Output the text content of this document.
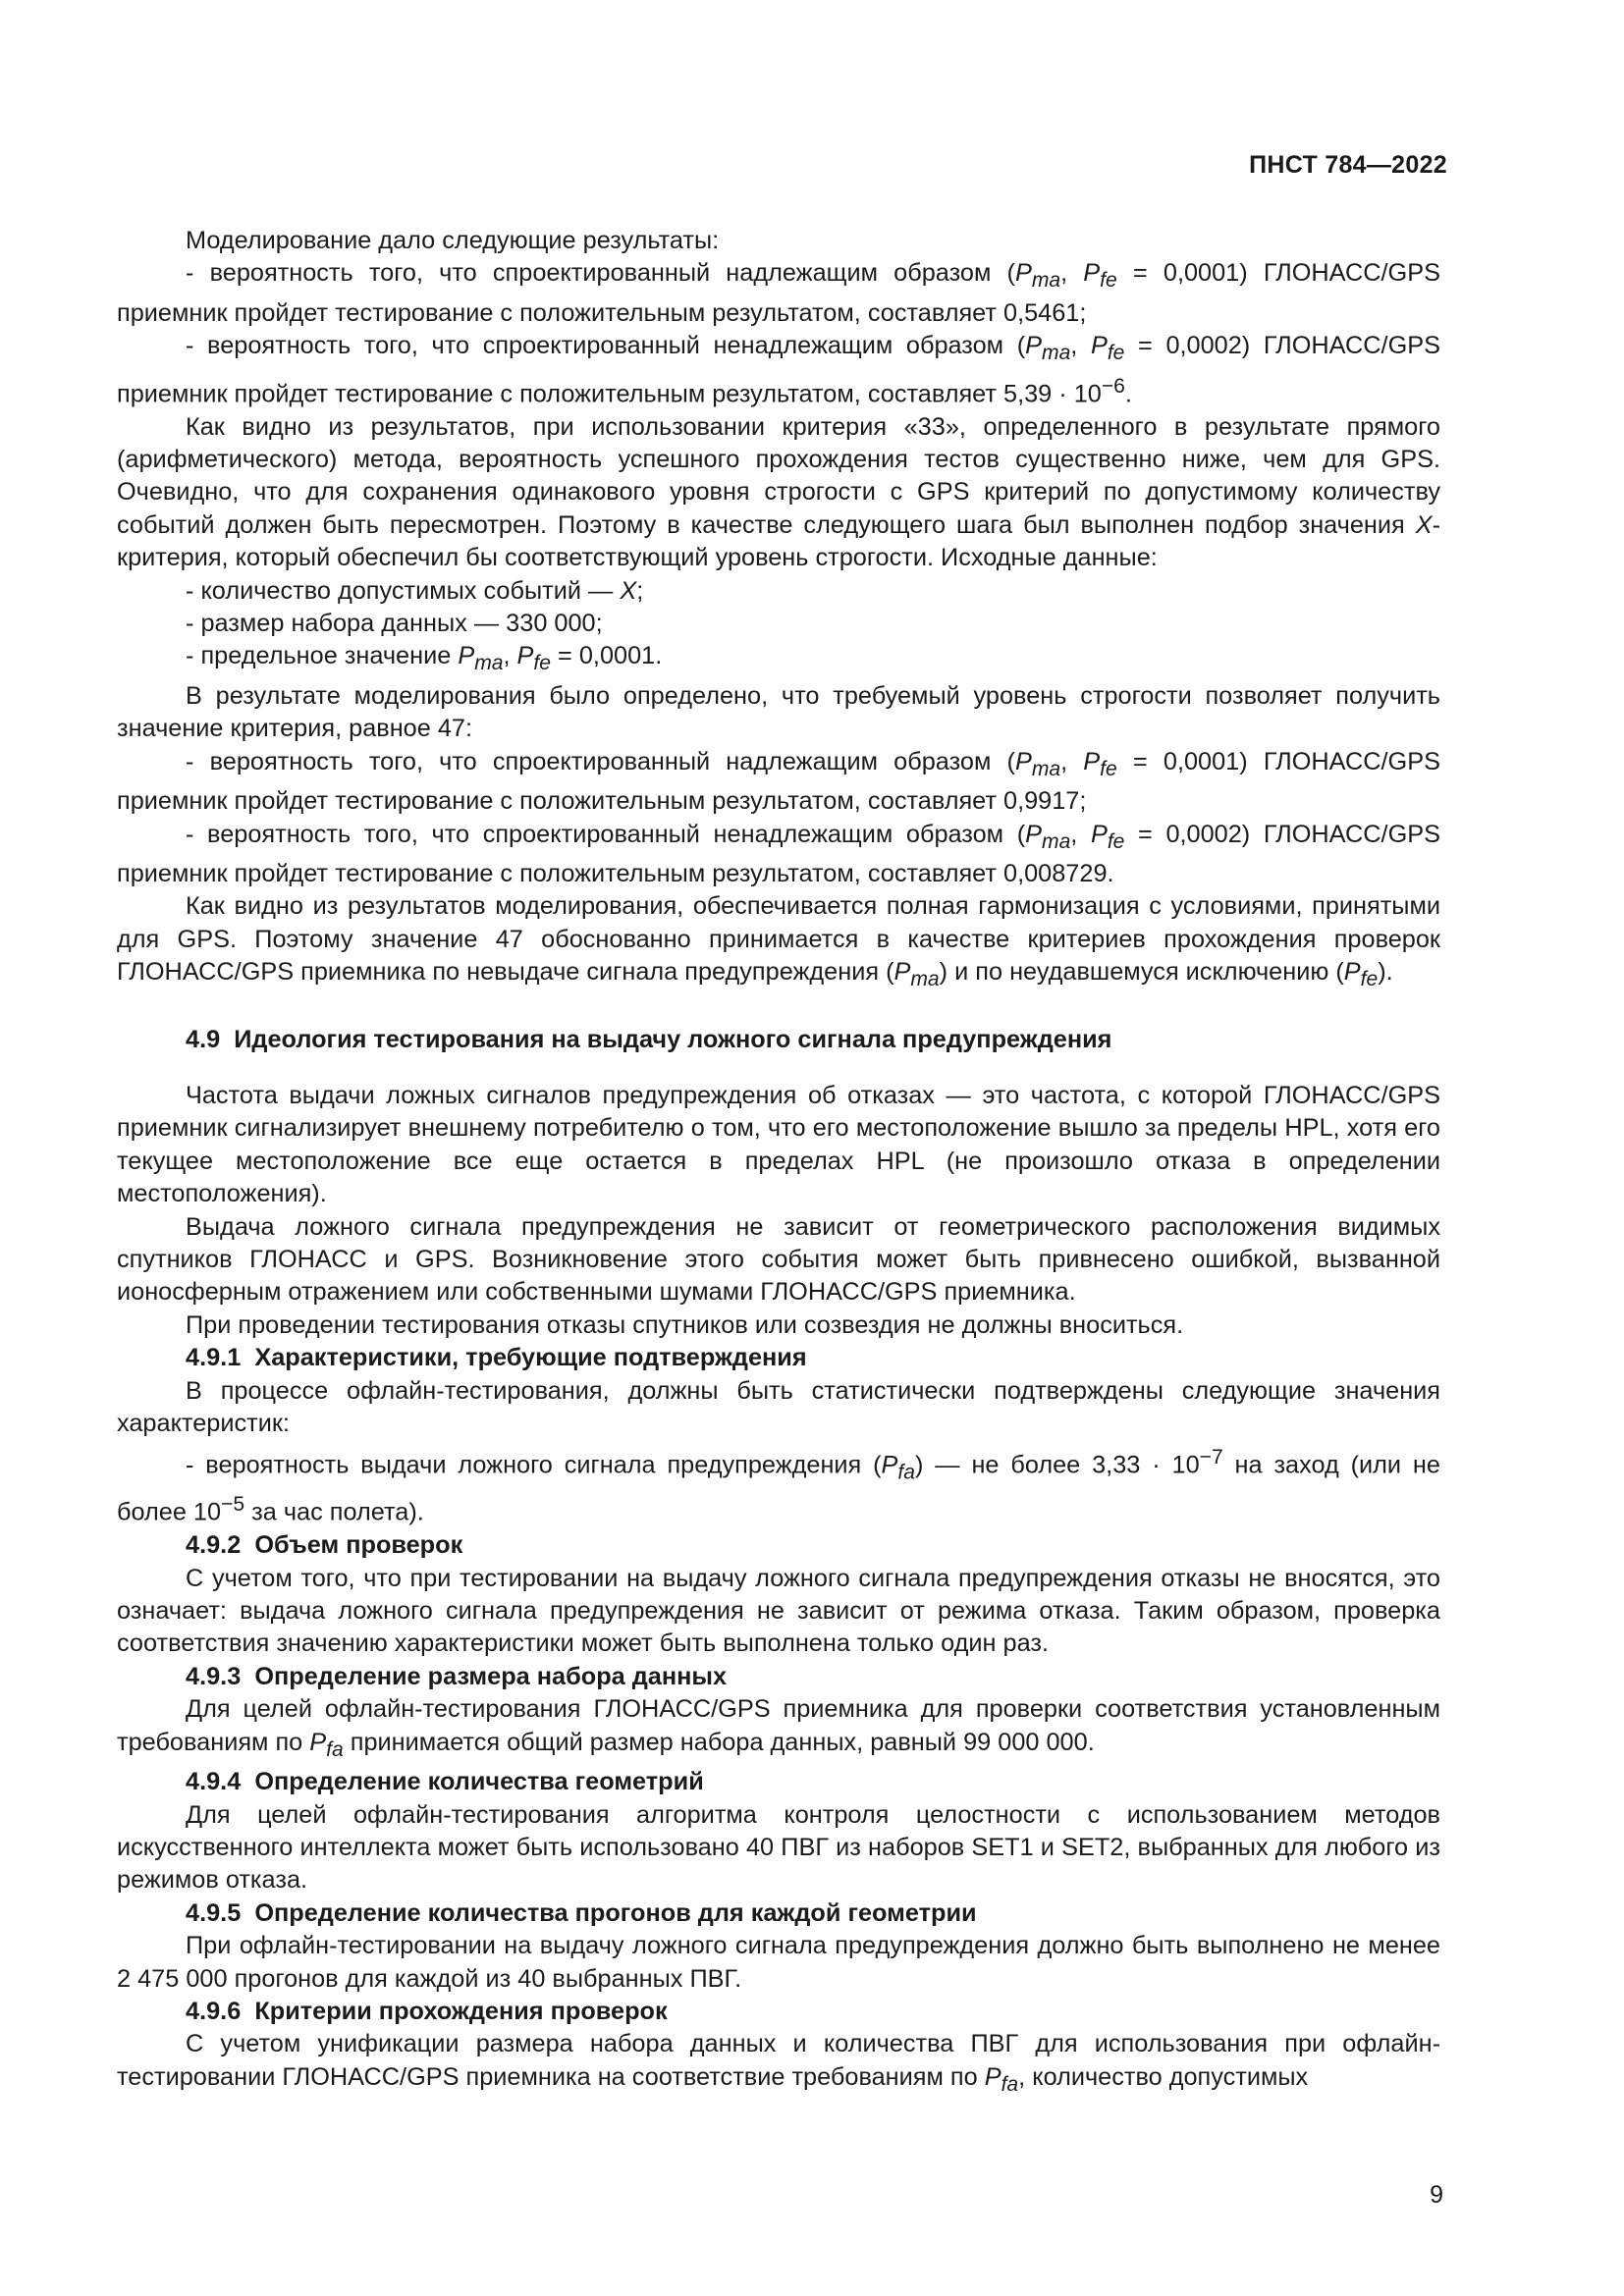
ПНСТ 784—2022

Моделирование дало следующие результаты:

- вероятность того, что спроектированный надлежащим образом ($P_{ma}$, $P_{fe} = 0,0001$) ГЛОНАСС/GPS приемник пройдет тестирование с положительным результатом, составляет 0,5461;

- вероятность того, что спроектированный ненадлежащим образом ($P_{ma}$, $P_{fe} = 0,0002$) ГЛОНАСС/GPS приемник пройдет тестирование с положительным результатом, составляет $5,39 \cdot 10^{-6}$.

Как видно из результатов, при использовании критерия «33», определенного в результате прямого (арифметического) метода, вероятность успешного прохождения тестов существенно ниже, чем для GPS. Очевидно, что для сохранения одинакового уровня строгости с GPS критерий по допустимому количеству событий должен быть пересмотрен. Поэтому в качестве следующего шага был выполнен подбор значения X-критерия, который обеспечил бы соответствующий уровень строгости. Исходные данные:

- количество допустимых событий — X;

- размер набора данных — 330 000;

- предельное значение $P_{ma}$, $P_{fe} = 0,0001$.

В результате моделирования было определено, что требуемый уровень строгости позволяет получить значение критерия, равное 47:

- вероятность того, что спроектированный надлежащим образом ($P_{ma}$, $P_{fe} = 0,0001$) ГЛОНАСС/GPS приемник пройдет тестирование с положительным результатом, составляет 0,9917;

- вероятность того, что спроектированный ненадлежащим образом ($P_{ma}$, $P_{fe} = 0,0002$) ГЛОНАСС/GPS приемник пройдет тестирование с положительным результатом, составляет 0,008729.

Как видно из результатов моделирования, обеспечивается полная гармонизация с условиями, принятыми для GPS. Поэтому значение 47 обоснованно принимается в качестве критериев прохождения проверок ГЛОНАСС/GPS приемника по невыдаче сигнала предупреждения $(P_{ma})$ и по неудавшемуся исключению $(P_{fe})$.

4.9  Идеология тестирования на выдачу ложного сигнала предупреждения

Частота выдачи ложных сигналов предупреждения об отказах — это частота, с которой ГЛОНАСС/GPS приемник сигнализирует внешнему потребителю о том, что его местоположение вышло за пределы HPL, хотя его текущее местоположение все еще остается в пределах HPL (не произошло отказа в определении местоположения).

Выдача ложного сигнала предупреждения не зависит от геометрического расположения видимых спутников ГЛОНАСС и GPS. Возникновение этого события может быть привнесено ошибкой, вызванной ионосферным отражением или собственными шумами ГЛОНАСС/GPS приемника.

При проведении тестирования отказы спутников или созвездия не должны вноситься.

4.9.1  Характеристики, требующие подтверждения

В процессе офлайн-тестирования, должны быть статистически подтверждены следующие значения характеристик:

- вероятность выдачи ложного сигнала предупреждения $(P_{fa})$ — не более $3,33 \cdot 10^{-7}$ на заход (или не более $10^{-5}$ за час полета).

4.9.2  Объем проверок

С учетом того, что при тестировании на выдачу ложного сигнала предупреждения отказы не вносятся, это означает: выдача ложного сигнала предупреждения не зависит от режима отказа. Таким образом, проверка соответствия значению характеристики может быть выполнена только один раз.

4.9.3  Определение размера набора данных

Для целей офлайн-тестирования ГЛОНАСС/GPS приемника для проверки соответствия установленным требованиям по $P_{fa}$ принимается общий размер набора данных, равный 99 000 000.

4.9.4  Определение количества геометрий

Для целей офлайн-тестирования алгоритма контроля целостности с использованием методов искусственного интеллекта может быть использовано 40 ПВГ из наборов SET1 и SET2, выбранных для любого из режимов отказа.

4.9.5  Определение количества прогонов для каждой геометрии

При офлайн-тестировании на выдачу ложного сигнала предупреждения должно быть выполнено не менее 2 475 000 прогонов для каждой из 40 выбранных ПВГ.

4.9.6  Критерии прохождения проверок

С учетом унификации размера набора данных и количества ПВГ для использования при офлайн-тестировании ГЛОНАСС/GPS приемника на соответствие требованиям по $P_{fa}$, количество допустимых

9
